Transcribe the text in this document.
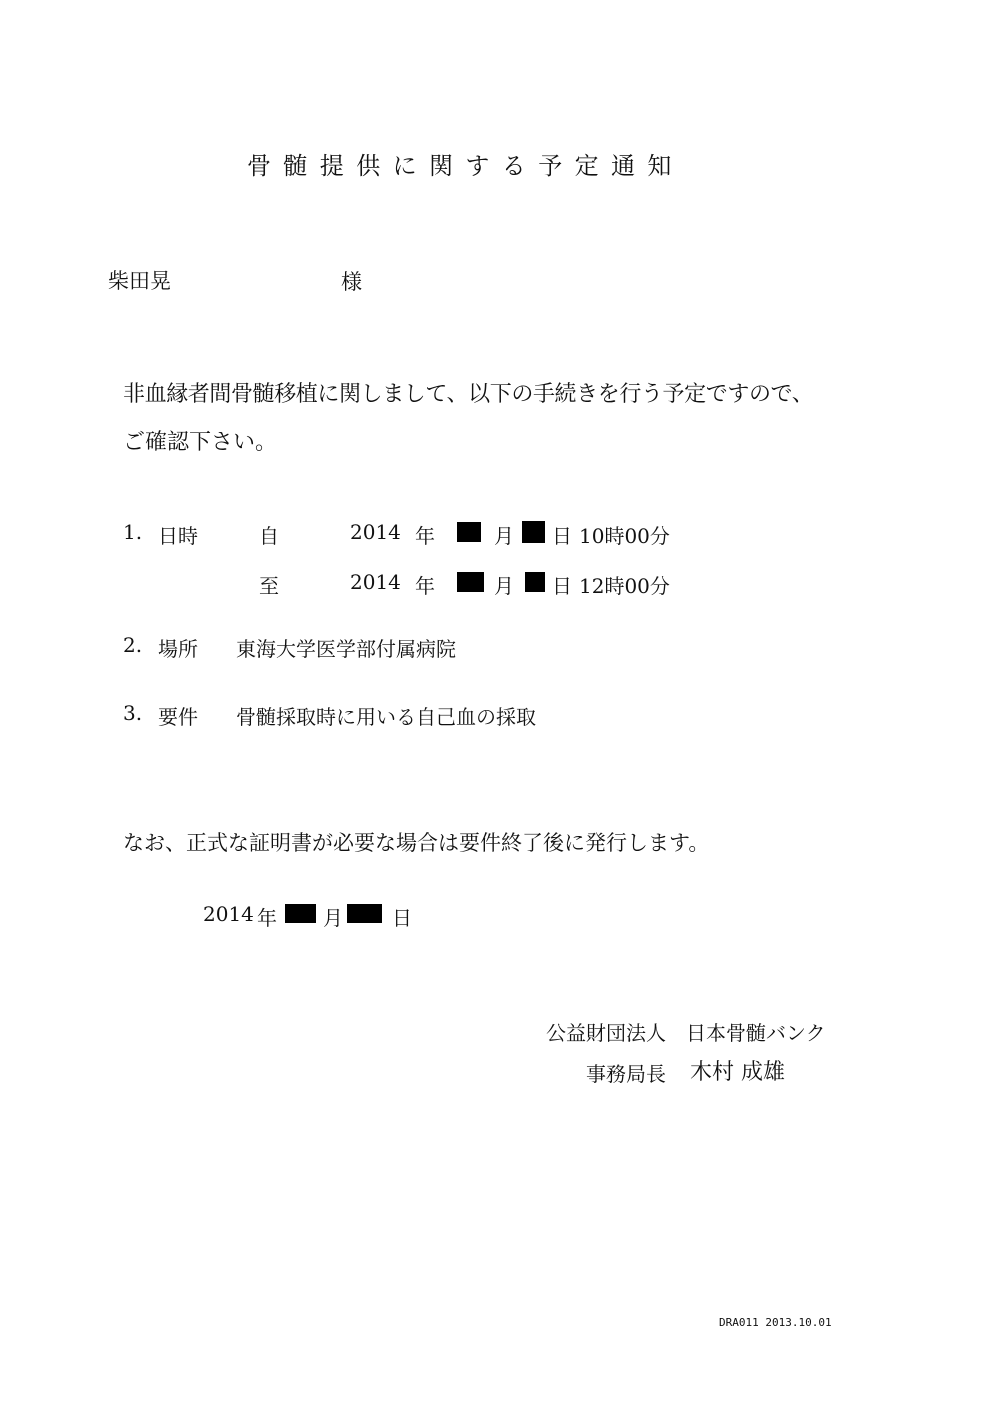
骨髄提供に関する予定通知
柴田晃	様
非血縁者間骨髄移植に関しまして、以下の手続きを行う予定ですので、
ご確認下さい。
1. 日時	自	2014 年	月 日 10時00分
至	2014 年	月 日 12時00分
2. 場所 東海大学医学部付属病院
3. 要件 骨髄採取時に用いる自己血の採取
なお、正式な証明書が必要な場合は要件終了後に発行します。
2014 年 月 日
公益財団法人　日本骨髄バンク
事務局長 木村 成雄
DRA011 2013.10.01
